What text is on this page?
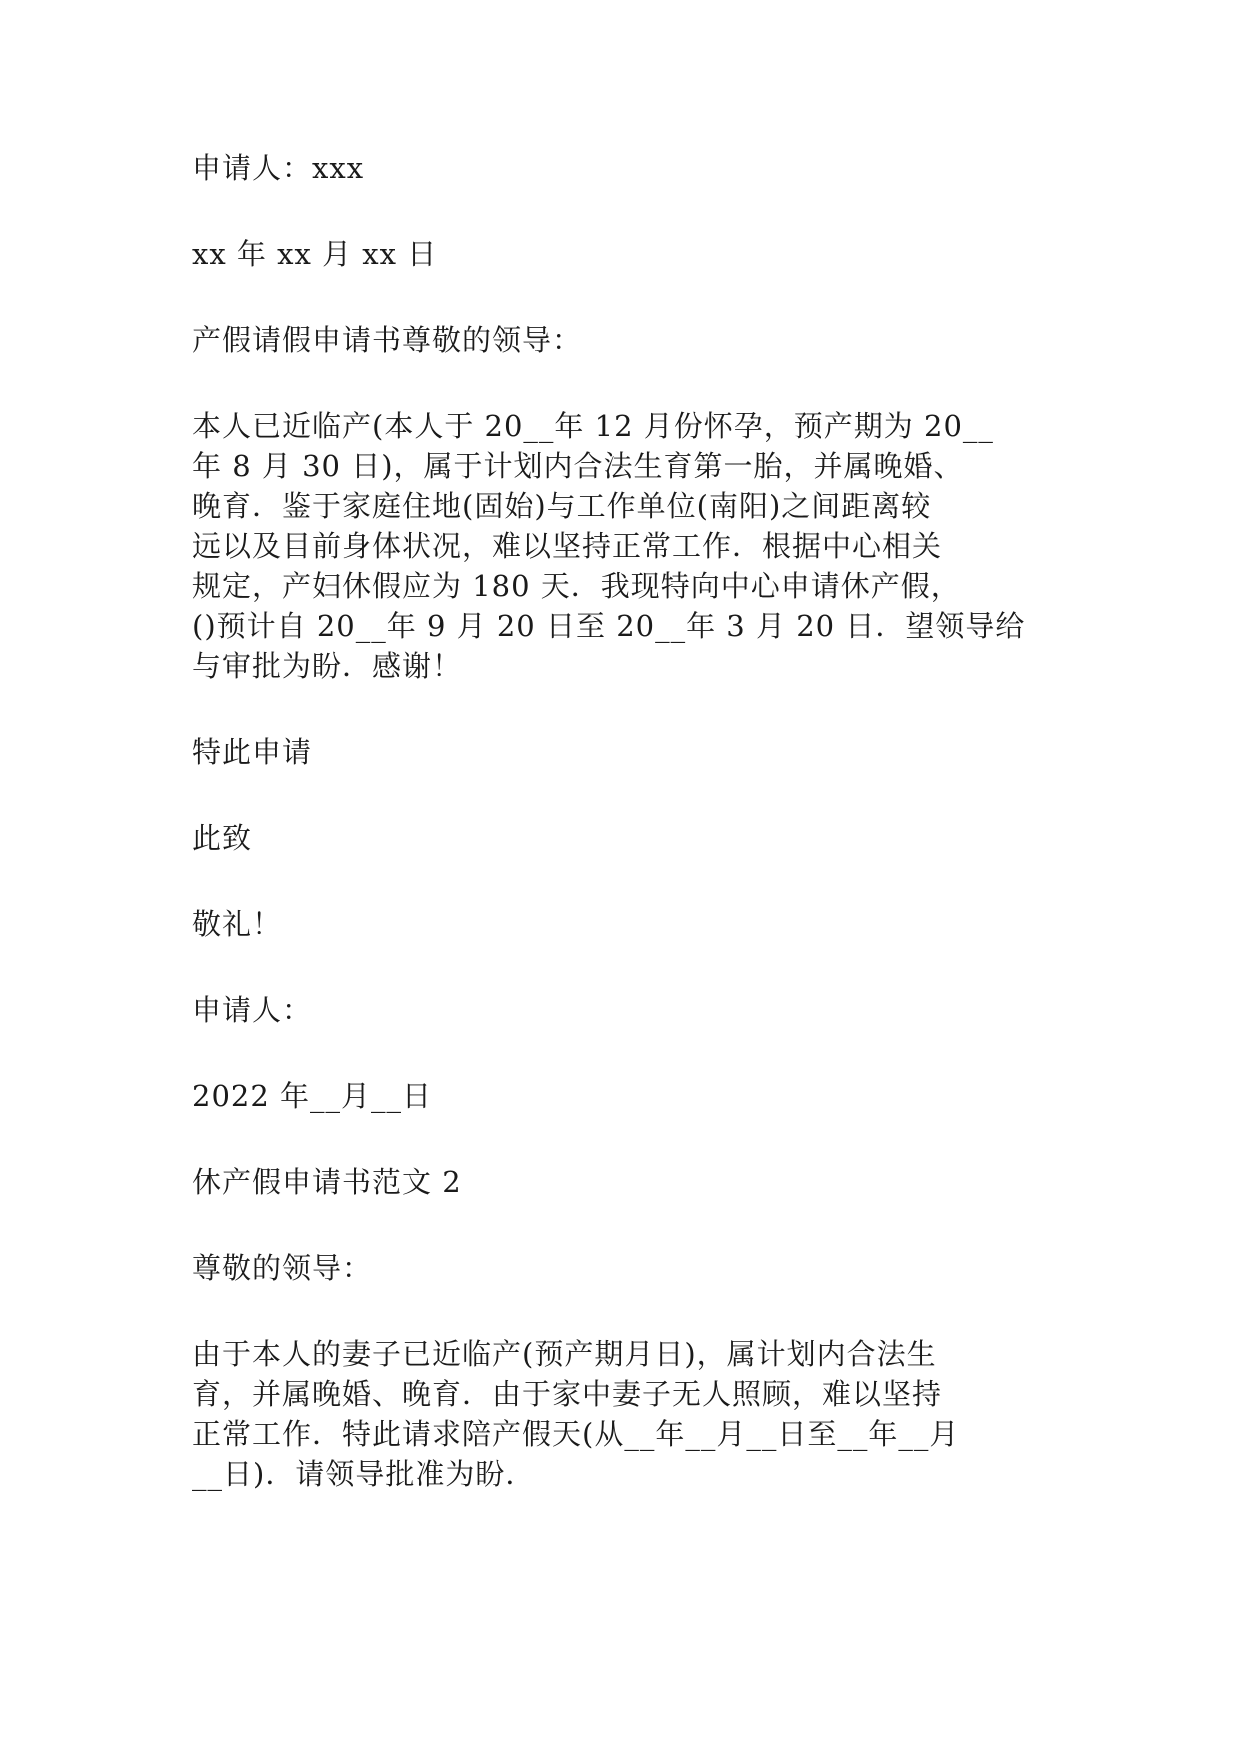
申请人：xxx

xx 年 xx 月 xx 日

产假请假申请书尊敬的领导：

本人已近临产(本人于 20__年 12 月份怀孕，预产期为 20__
年 8 月 30 日)，属于计划内合法生育第一胎，并属晚婚、
晚育．鉴于家庭住地(固始)与工作单位(南阳)之间距离较
远以及目前身体状况，难以坚持正常工作．根据中心相关
规定，产妇休假应为 180 天．我现特向中心申请休产假，
()预计自 20__年 9 月 20 日至 20__年 3 月 20 日．望领导给
与审批为盼．感谢！

特此申请

此致

敬礼！

申请人：

2022 年__月__日

休产假申请书范文 2

尊敬的领导：

由于本人的妻子已近临产(预产期月日)，属计划内合法生
育，并属晚婚、晚育．由于家中妻子无人照顾，难以坚持
正常工作．特此请求陪产假天(从__年__月__日至__年__月
__日)．请领导批准为盼．
